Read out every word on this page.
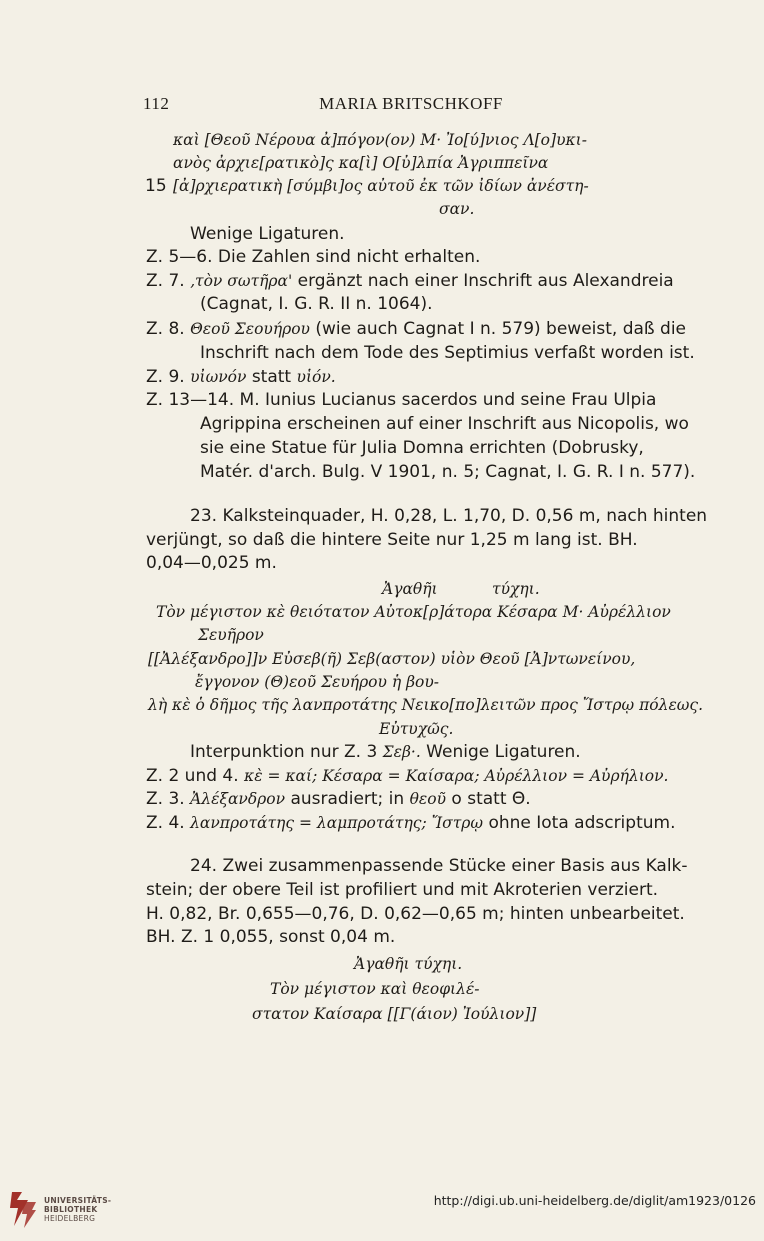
112	MARIA BRITSCHKOFF
καὶ [Θεοῦ Νέρουα ἀ]πόγον(ον) Μ· Ἰο[ύ]νιος Λ[ο]υκι-
ανὸς ἀρχιε[ρατικὸ]ς κα[ὶ] Ο[ὐ]λπία Ἀγριππεῖνα
15 [ἀ]ρχιερατικὴ [σύμβι]ος αὐτοῦ ἐκ τῶν ἰδίων ἀνέστη-
σαν.
Wenige Ligaturen.
Z. 5—6. Die Zahlen sind nicht erhalten.
Z. 7. ‚τὸν σωτῆρα' ergänzt nach einer Inschrift aus Alexandreia
(Cagnat, I. G. R. II n. 1064).
Z. 8. Θεοῦ Σεουήρου (wie auch Cagnat I n. 579) beweist, daß die
Inschrift nach dem Tode des Septimius verfaßt worden ist.
Z. 9. υἰωνόν statt υἱόν.
Z. 13—14. M. Iunius Lucianus sacerdos und seine Frau Ulpia
Agrippina erscheinen auf einer Inschrift aus Nicopolis, wo
sie eine Statue für Julia Domna errichten (Dobrusky,
Matér. d'arch. Bulg. V 1901, n. 5; Cagnat, I. G. R. I n. 577).
23. Kalksteinquader, H. 0,28, L. 1,70, D. 0,56 m, nach hinten
verjüngt, so daß die hintere Seite nur 1,25 m lang ist. BH.
0,04—0,025 m.
Ἀγαθῆι	τύχηι.
Τὸν μέγιστον κὲ θειότατον Αὐτοκ[ρ]άτορα Κέσαρα Μ· Αὐρέλλιον
Σευῆρον
[[Ἀλέξανδρο]]ν Εὐσεβ(ῆ) Σεβ(αστον) υἱὸν Θεοῦ [Ἀ]ντωνείνου,
ἔγγονον (Θ)εοῦ Σευήρου ἡ βου-
λὴ κὲ ὁ δῆμος τῆς λανπροτάτης Νεικο[πο]λειτῶν προς Ἴστρῳ πόλεως.
Εὐτυχῶς.
Interpunktion nur Z. 3 Σεβ·. Wenige Ligaturen.
Z. 2 und 4. κὲ = καί; Κέσαρα = Καίσαρα; Αὐρέλλιον = Αὐρήλιον.
Z. 3. Ἀλέξανδρον ausradiert; in θεοῦ o statt Θ.
Z. 4. λανπροτάτης = λαμπροτάτης; Ἴστρῳ ohne Iota adscriptum.
24. Zwei zusammenpassende Stücke einer Basis aus Kalk-
stein; der obere Teil ist profiliert und mit Akroterien verziert.
H. 0,82, Br. 0,655—0,76, D. 0,62—0,65 m; hinten unbearbeitet.
BH. Z. 1 0,055, sonst 0,04 m.
Ἀγαθῆι τύχηι.
Τὸν μέγιστον καὶ θεοφιλέ-
στατον Καίσαρα [[Γ(άιον) Ἰούλιον]]
UNIVERSITÄTS-
BIBLIOTHEK
HEIDELBERG
http://digi.ub.uni-heidelberg.de/diglit/am1923/0126
